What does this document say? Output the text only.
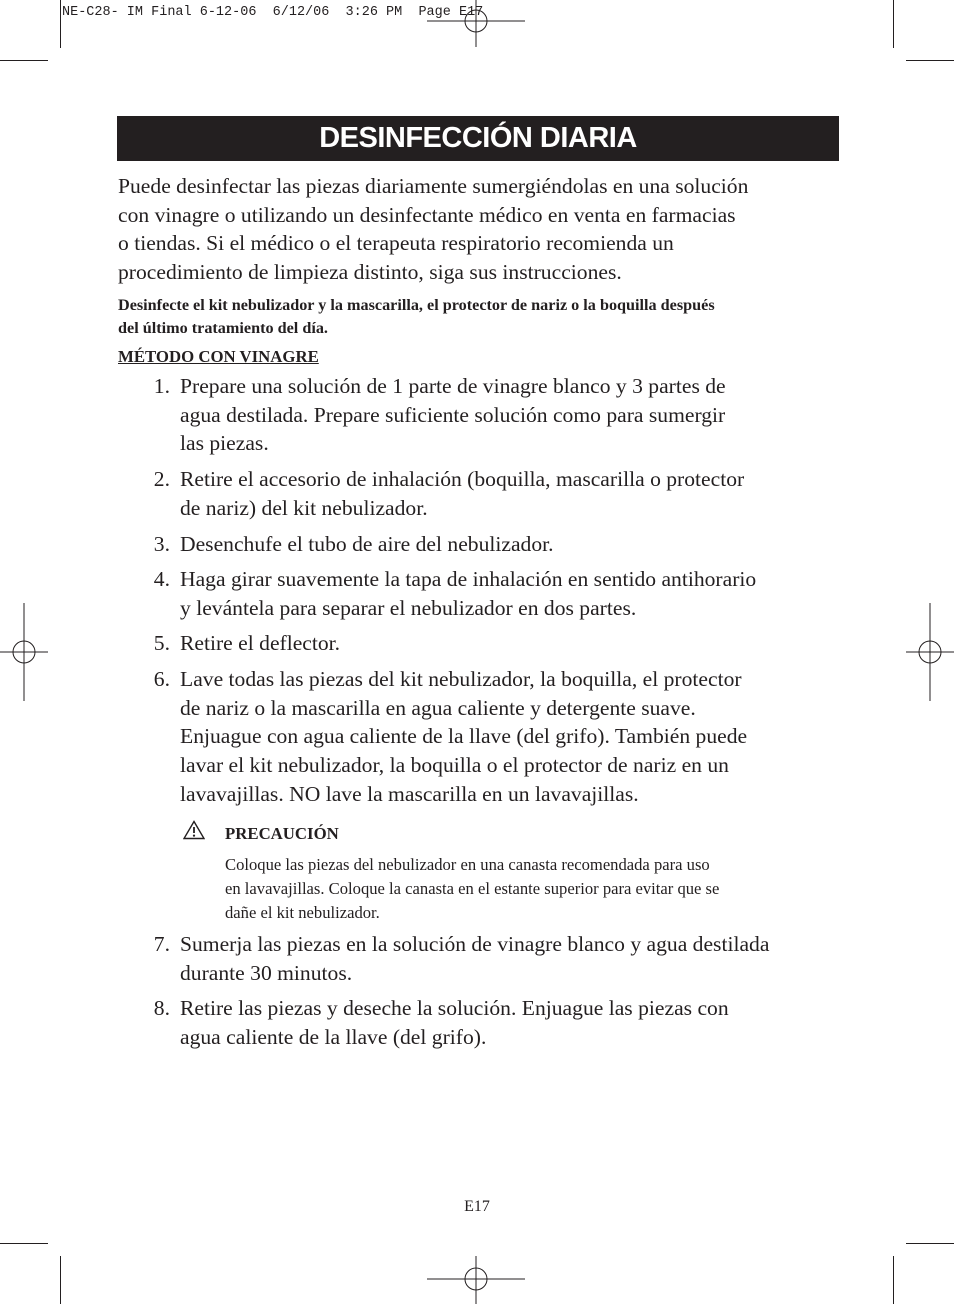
NE-C28- IM Final 6-12-06  6/12/06  3:26 PM  Page E17
DESINFECCIÓN DIARIA
Puede desinfectar las piezas diariamente sumergiéndolas en una solución
con vinagre o utilizando un desinfectante médico en venta en farmacias
o tiendas. Si el médico o el terapeuta respiratorio recomienda un
procedimiento de limpieza distinto, siga sus instrucciones.
Desinfecte el kit nebulizador y la mascarilla, el protector de nariz o la boquilla después
del último tratamiento del día.
MÉTODO CON VINAGRE
1. Prepare una solución de 1 parte de vinagre blanco y 3 partes de
agua destilada. Prepare suficiente solución como para sumergir
las piezas.
2. Retire el accesorio de inhalación (boquilla, mascarilla o protector
de nariz) del kit nebulizador.
3. Desenchufe el tubo de aire del nebulizador.
4. Haga girar suavemente la tapa de inhalación en sentido antihorario
y levántela para separar el nebulizador en dos partes.
5. Retire el deflector.
6. Lave todas las piezas del kit nebulizador, la boquilla, el protector
de nariz o la mascarilla en agua caliente y detergente suave.
Enjuague con agua caliente de la llave (del grifo). También puede
lavar el kit nebulizador, la boquilla o el protector de nariz en un
lavavajillas. NO lave la mascarilla en un lavavajillas.
PRECAUCIÓN
Coloque las piezas del nebulizador en una canasta recomendada para uso
en lavavajillas. Coloque la canasta en el estante superior para evitar que se
dañe el kit nebulizador.
7. Sumerja las piezas en la solución de vinagre blanco y agua destilada
durante 30 minutos.
8. Retire las piezas y deseche la solución. Enjuague las piezas con
agua caliente de la llave (del grifo).
E17
